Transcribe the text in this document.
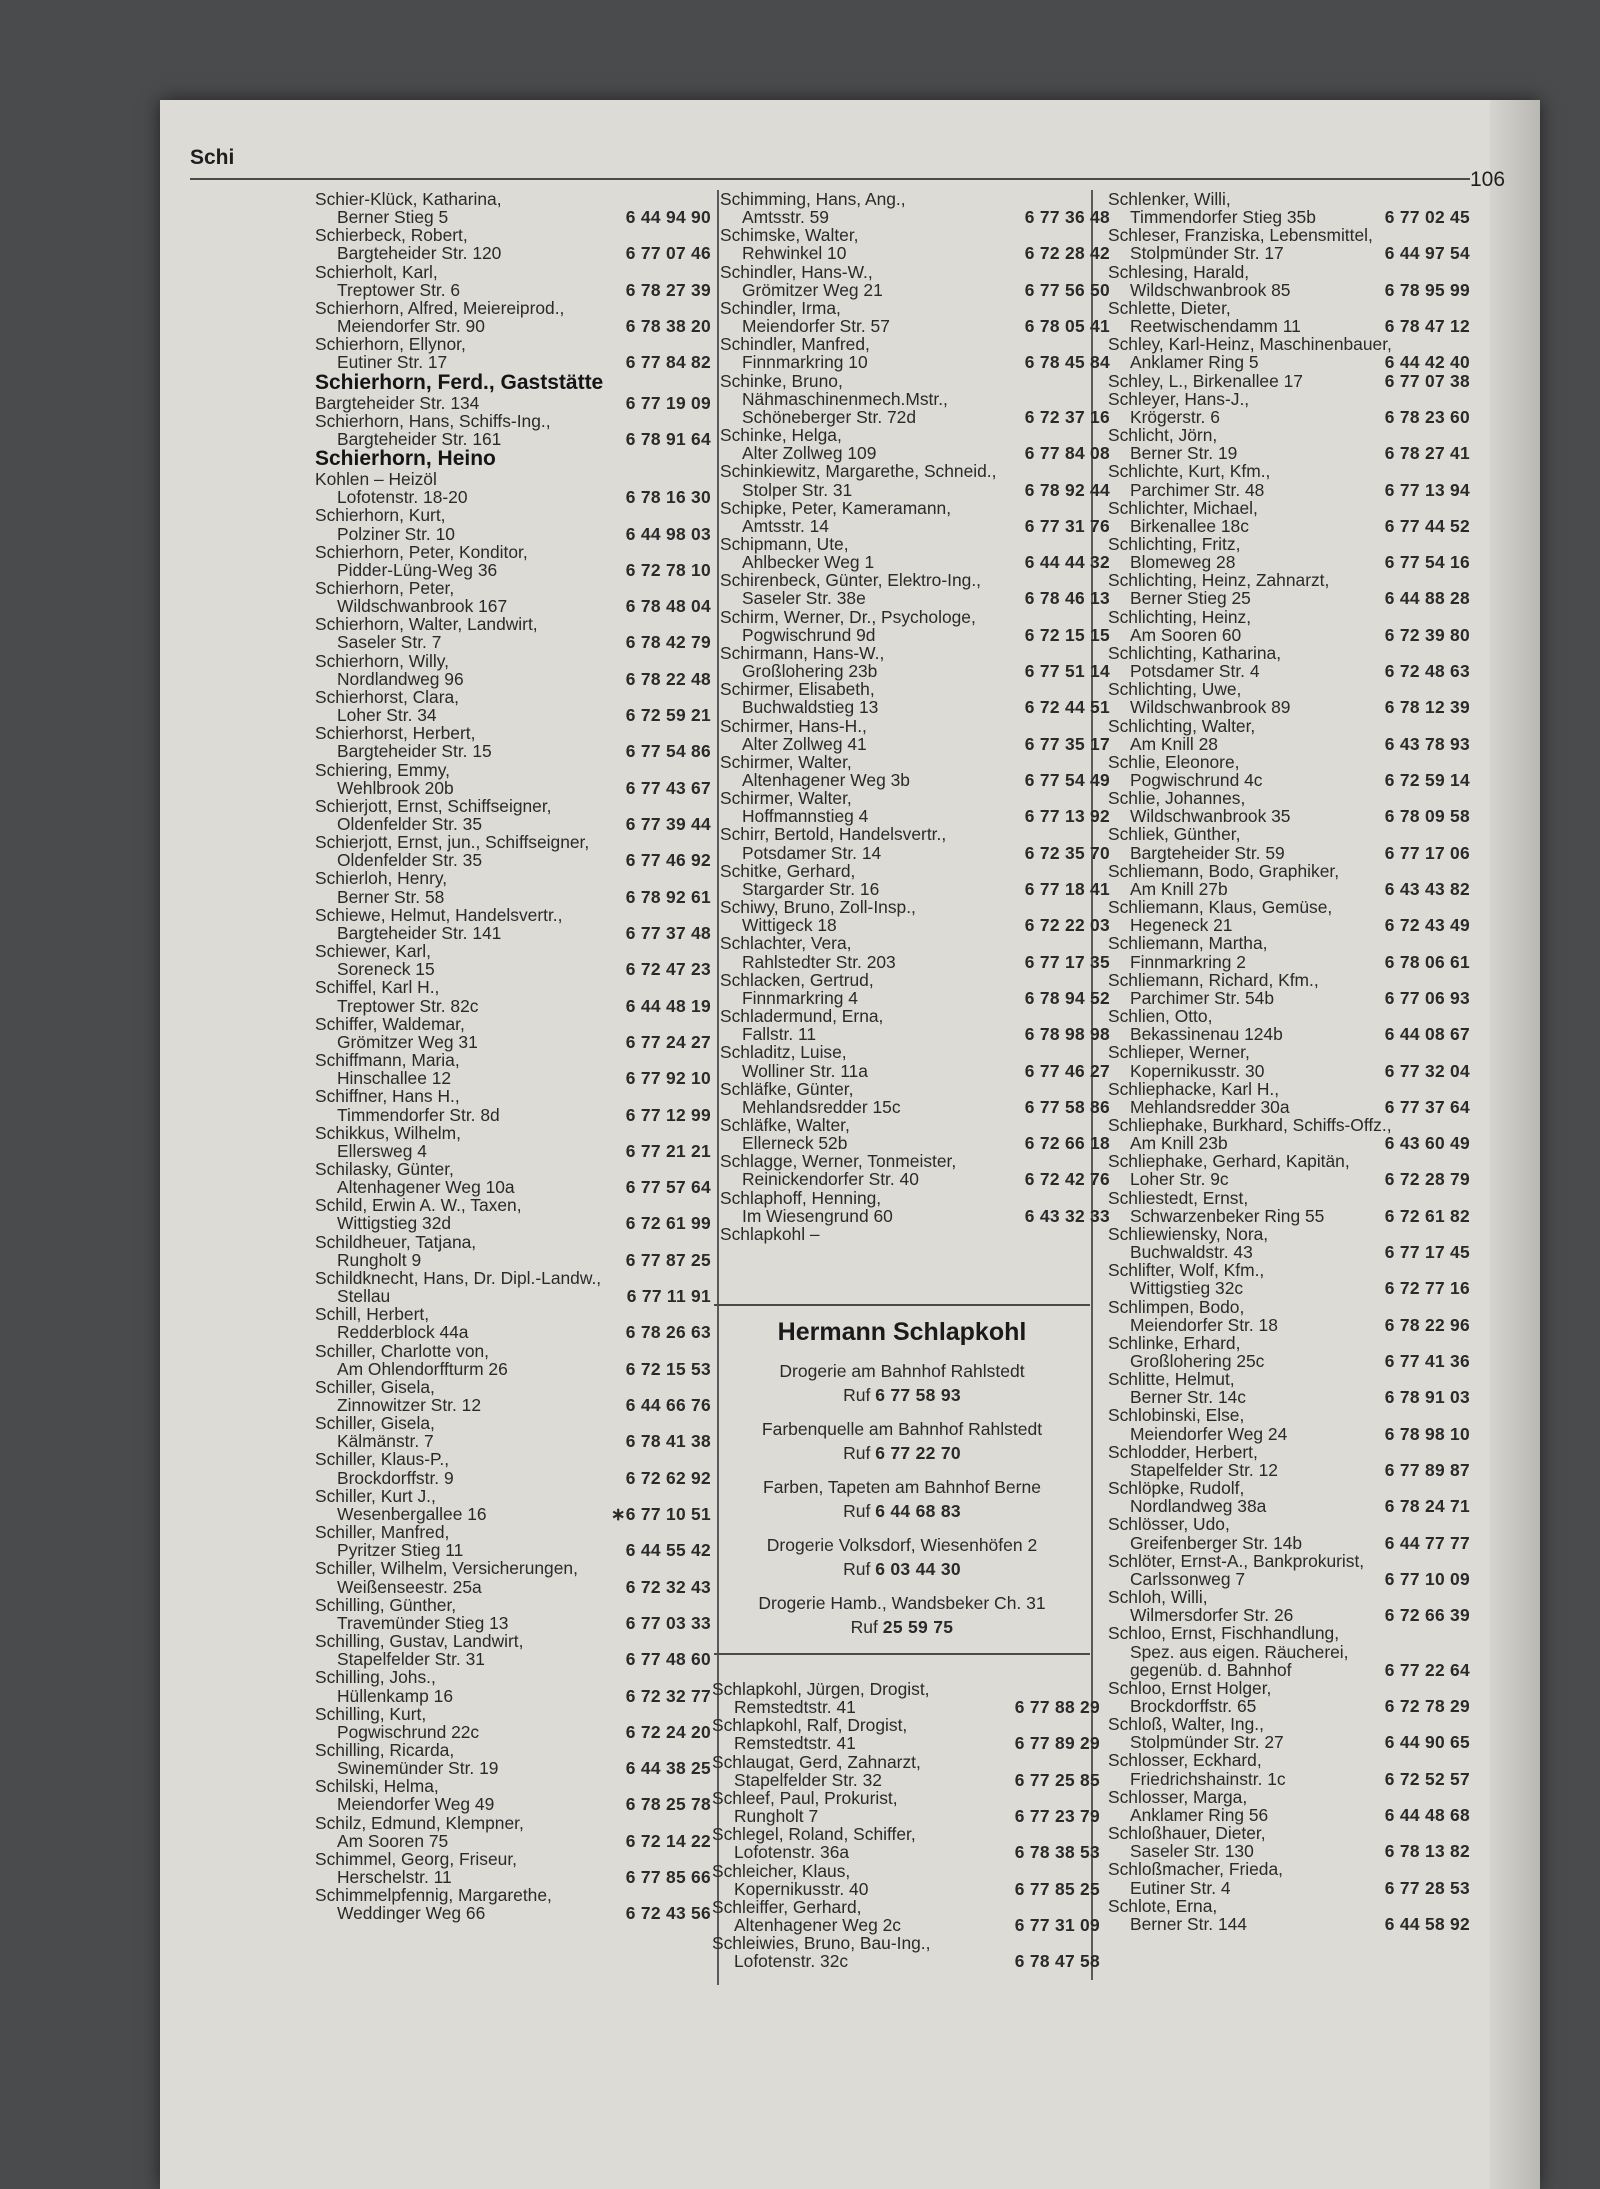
Schi
106
Schier-Klück, Katharina,
Berner Stieg 5	6 44 94 90
Schierbeck, Robert,
Bargteheider Str. 120	6 77 07 46
Schierholt, Karl,
Treptower Str. 6	6 78 27 39
Schierhorn, Alfred, Meiereiprod.,
Meiendorfer Str. 90	6 78 38 20
Schierhorn, Ellynor,
Eutiner Str. 17	6 77 84 82
Schierhorn, Ferd., Gaststätte
Bargteheider Str. 134	6 77 19 09
Schierhorn, Hans, Schiffs-Ing.,
Bargteheider Str. 161	6 78 91 64
Schierhorn, Heino
Kohlen – Heizöl
Lofotenstr. 18-20	6 78 16 30
Schierhorn, Kurt,
Polziner Str. 10	6 44 98 03
Schierhorn, Peter, Konditor,
Pidder-Lüng-Weg 36	6 72 78 10
Schierhorn, Peter,
Wildschwanbrook 167	6 78 48 04
Schierhorn, Walter, Landwirt,
Saseler Str. 7	6 78 42 79
Schierhorn, Willy,
Nordlandweg 96	6 78 22 48
Schierhorst, Clara,
Loher Str. 34	6 72 59 21
Schierhorst, Herbert,
Bargteheider Str. 15	6 77 54 86
Schiering, Emmy,
Wehlbrook 20b	6 77 43 67
Schierjott, Ernst, Schiffseigner,
Oldenfelder Str. 35	6 77 39 44
Schierjott, Ernst, jun., Schiffseigner,
Oldenfelder Str. 35	6 77 46 92
Schierloh, Henry,
Berner Str. 58	6 78 92 61
Schiewe, Helmut, Handelsvertr.,
Bargteheider Str. 141	6 77 37 48
Schiewer, Karl,
Soreneck 15	6 72 47 23
Schiffel, Karl H.,
Treptower Str. 82c	6 44 48 19
Schiffer, Waldemar,
Grömitzer Weg 31	6 77 24 27
Schiffmann, Maria,
Hinschallee 12	6 77 92 10
Schiffner, Hans H.,
Timmendorfer Str. 8d	6 77 12 99
Schikkus, Wilhelm,
Ellersweg 4	6 77 21 21
Schilasky, Günter,
Altenhagener Weg 10a	6 77 57 64
Schild, Erwin A. W., Taxen,
Wittigstieg 32d	6 72 61 99
Schildheuer, Tatjana,
Rungholt 9	6 77 87 25
Schildknecht, Hans, Dr. Dipl.-Landw.,
Stellau	6 77 11 91
Schill, Herbert,
Redderblock 44a	6 78 26 63
Schiller, Charlotte von,
Am Ohlendorffturm 26	6 72 15 53
Schiller, Gisela,
Zinnowitzer Str. 12	6 44 66 76
Schiller, Gisela,
Kälmänstr. 7	6 78 41 38
Schiller, Klaus-P.,
Brockdorffstr. 9	6 72 62 92
Schiller, Kurt J.,
Wesenbergallee 16	∗6 77 10 51
Schiller, Manfred,
Pyritzer Stieg 11	6 44 55 42
Schiller, Wilhelm, Versicherungen,
Weißenseestr. 25a	6 72 32 43
Schilling, Günther,
Travemünder Stieg 13	6 77 03 33
Schilling, Gustav, Landwirt,
Stapelfelder Str. 31	6 77 48 60
Schilling, Johs.,
Hüllenkamp 16	6 72 32 77
Schilling, Kurt,
Pogwischrund 22c	6 72 24 20
Schilling, Ricarda,
Swinemünder Str. 19	6 44 38 25
Schilski, Helma,
Meiendorfer Weg 49	6 78 25 78
Schilz, Edmund, Klempner,
Am Sooren 75	6 72 14 22
Schimmel, Georg, Friseur,
Herschelstr. 11	6 77 85 66
Schimmelpfennig, Margarethe,
Weddinger Weg 66	6 72 43 56
Schimming, Hans, Ang.,
Amtsstr. 59	6 77 36 48
Schimske, Walter,
Rehwinkel 10	6 72 28 42
Schindler, Hans-W.,
Grömitzer Weg 21	6 77 56 50
Schindler, Irma,
Meiendorfer Str. 57	6 78 05 41
Schindler, Manfred,
Finnmarkring 10	6 78 45 84
Schinke, Bruno,
Nähmaschinenmech.Mstr.,
Schöneberger Str. 72d	6 72 37 16
Schinke, Helga,
Alter Zollweg 109	6 77 84 08
Schinkiewitz, Margarethe, Schneid.,
Stolper Str. 31	6 78 92 44
Schipke, Peter, Kameramann,
Amtsstr. 14	6 77 31 76
Schipmann, Ute,
Ahlbecker Weg 1	6 44 44 32
Schirenbeck, Günter, Elektro-Ing.,
Saseler Str. 38e	6 78 46 13
Schirm, Werner, Dr., Psychologe,
Pogwischrund 9d	6 72 15 15
Schirmann, Hans-W.,
Großlohering 23b	6 77 51 14
Schirmer, Elisabeth,
Buchwaldstieg 13	6 72 44 51
Schirmer, Hans-H.,
Alter Zollweg 41	6 77 35 17
Schirmer, Walter,
Altenhagener Weg 3b	6 77 54 49
Schirmer, Walter,
Hoffmannstieg 4	6 77 13 92
Schirr, Bertold, Handelsvertr.,
Potsdamer Str. 14	6 72 35 70
Schitke, Gerhard,
Stargarder Str. 16	6 77 18 41
Schiwy, Bruno, Zoll-Insp.,
Wittigeck 18	6 72 22 03
Schlachter, Vera,
Rahlstedter Str. 203	6 77 17 35
Schlacken, Gertrud,
Finnmarkring 4	6 78 94 52
Schladermund, Erna,
Fallstr. 11	6 78 98 98
Schladitz, Luise,
Wolliner Str. 11a	6 77 46 27
Schläfke, Günter,
Mehlandsredder 15c	6 77 58 86
Schläfke, Walter,
Ellerneck 52b	6 72 66 18
Schlagge, Werner, Tonmeister,
Reinickendorfer Str. 40	6 72 42 76
Schlaphoff, Henning,
Im Wiesengrund 60	6 43 32 33
Schlapkohl –
Schlenker, Willi,
Timmendorfer Stieg 35b	6 77 02 45
Schleser, Franziska, Lebensmittel,
Stolpmünder Str. 17	6 44 97 54
Schlesing, Harald,
Wildschwanbrook 85	6 78 95 99
Schlette, Dieter,
Reetwischendamm 11	6 78 47 12
Schley, Karl-Heinz, Maschinenbauer,
Anklamer Ring 5	6 44 42 40
Schley, L., Birkenallee 17	6 77 07 38
Schleyer, Hans-J.,
Krögerstr. 6	6 78 23 60
Schlicht, Jörn,
Berner Str. 19	6 78 27 41
Schlichte, Kurt, Kfm.,
Parchimer Str. 48	6 77 13 94
Schlichter, Michael,
Birkenallee 18c	6 77 44 52
Schlichting, Fritz,
Blomeweg 28	6 77 54 16
Schlichting, Heinz, Zahnarzt,
Berner Stieg 25	6 44 88 28
Schlichting, Heinz,
Am Sooren 60	6 72 39 80
Schlichting, Katharina,
Potsdamer Str. 4	6 72 48 63
Schlichting, Uwe,
Wildschwanbrook 89	6 78 12 39
Schlichting, Walter,
Am Knill 28	6 43 78 93
Schlie, Eleonore,
Pogwischrund 4c	6 72 59 14
Schlie, Johannes,
Wildschwanbrook 35	6 78 09 58
Schliek, Günther,
Bargteheider Str. 59	6 77 17 06
Schliemann, Bodo, Graphiker,
Am Knill 27b	6 43 43 82
Schliemann, Klaus, Gemüse,
Hegeneck 21	6 72 43 49
Schliemann, Martha,
Finnmarkring 2	6 78 06 61
Schliemann, Richard, Kfm.,
Parchimer Str. 54b	6 77 06 93
Schlien, Otto,
Bekassinenau 124b	6 44 08 67
Schlieper, Werner,
Kopernikusstr. 30	6 77 32 04
Schliephacke, Karl H.,
Mehlandsredder 30a	6 77 37 64
Schliephake, Burkhard, Schiffs-Offz.,
Am Knill 23b	6 43 60 49
Schliephake, Gerhard, Kapitän,
Loher Str. 9c	6 72 28 79
Schliestedt, Ernst,
Schwarzenbeker Ring 55	6 72 61 82
Schliewiensky, Nora,
Buchwaldstr. 43	6 77 17 45
Schlifter, Wolf, Kfm.,
Wittigstieg 32c	6 72 77 16
Schlimpen, Bodo,
Meiendorfer Str. 18	6 78 22 96
Schlinke, Erhard,
Großlohering 25c	6 77 41 36
Schlitte, Helmut,
Berner Str. 14c	6 78 91 03
Schlobinski, Else,
Meiendorfer Weg 24	6 78 98 10
Schlodder, Herbert,
Stapelfelder Str. 12	6 77 89 87
Schlöpke, Rudolf,
Nordlandweg 38a	6 78 24 71
Schlösser, Udo,
Greifenberger Str. 14b	6 44 77 77
Schlöter, Ernst-A., Bankprokurist,
Carlssonweg 7	6 77 10 09
Schloh, Willi,
Wilmersdorfer Str. 26	6 72 66 39
Schloo, Ernst, Fischhandlung,
Spez. aus eigen. Räucherei,
gegenüb. d. Bahnhof	6 77 22 64
Schloo, Ernst Holger,
Brockdorffstr. 65	6 72 78 29
Schloß, Walter, Ing.,
Stolpmünder Str. 27	6 44 90 65
Schlosser, Eckhard,
Friedrichshainstr. 1c	6 72 52 57
Schlosser, Marga,
Anklamer Ring 56	6 44 48 68
Schloßhauer, Dieter,
Saseler Str. 130	6 78 13 82
Schloßmacher, Frieda,
Eutiner Str. 4	6 77 28 53
Schlote, Erna,
Berner Str. 144	6 44 58 92
Hermann Schlapkohl
Drogerie am Bahnhof Rahlstedt
Ruf 6 77 58 93
Farbenquelle am Bahnhof Rahlstedt
Ruf 6 77 22 70
Farben, Tapeten am Bahnhof Berne
Ruf 6 44 68 83
Drogerie Volksdorf, Wiesenhöfen 2
Ruf 6 03 44 30
Drogerie Hamb., Wandsbeker Ch. 31
Ruf 25 59 75
Schlapkohl, Jürgen, Drogist,
Remstedtstr. 41	6 77 88 29
Schlapkohl, Ralf, Drogist,
Remstedtstr. 41	6 77 89 29
Schlaugat, Gerd, Zahnarzt,
Stapelfelder Str. 32	6 77 25 85
Schleef, Paul, Prokurist,
Rungholt 7	6 77 23 79
Schlegel, Roland, Schiffer,
Lofotenstr. 36a	6 78 38 53
Schleicher, Klaus,
Kopernikusstr. 40	6 77 85 25
Schleiffer, Gerhard,
Altenhagener Weg 2c	6 77 31 09
Schleiwies, Bruno, Bau-Ing.,
Lofotenstr. 32c	6 78 47 58
